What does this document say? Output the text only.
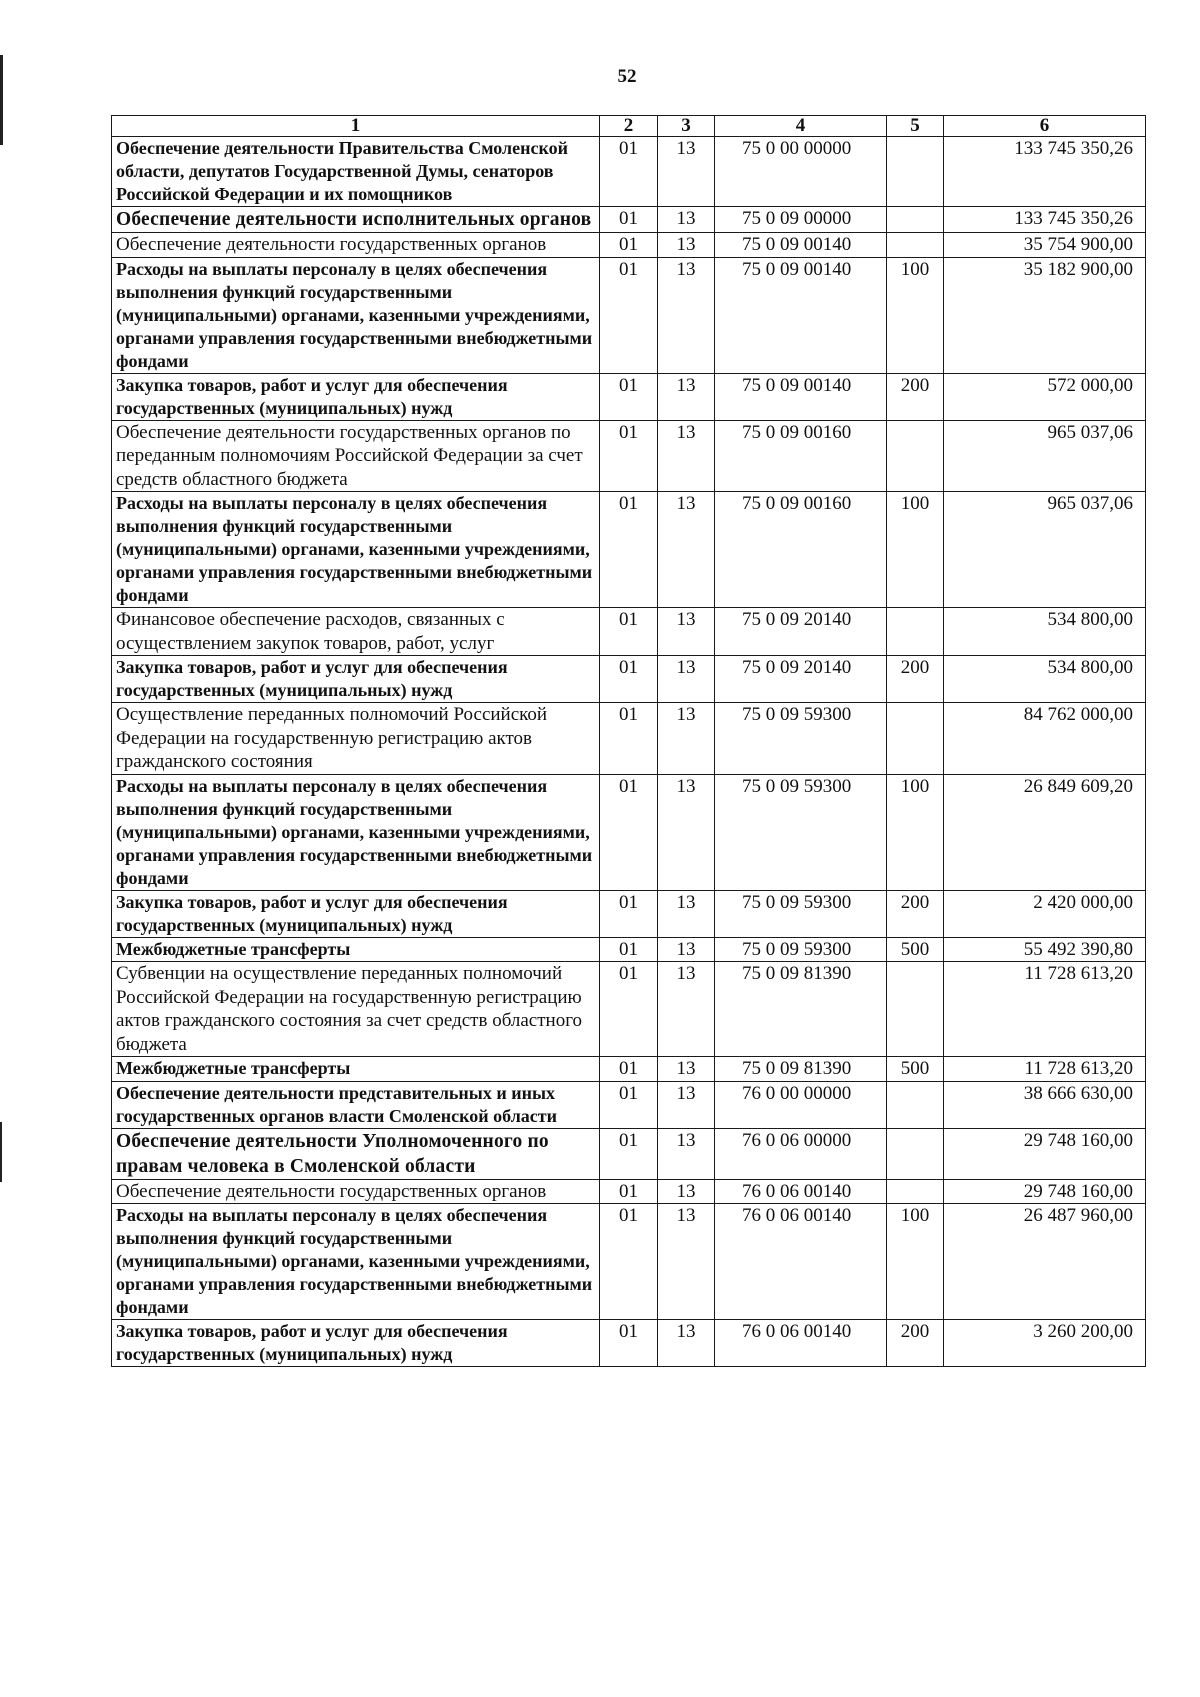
52
1	2	3	4	5	6
Обеспечение деятельности Правительства Смоленской области, депутатов Государственной Думы, сенаторов Российской Федерации и их помощников	01	13	75 0 00 00000		133 745 350,26
Обеспечение деятельности исполнительных органов	01	13	75 0 09 00000		133 745 350,26
Обеспечение деятельности государственных органов	01	13	75 0 09 00140		35 754 900,00
Расходы на выплаты персоналу в целях обеспечения выполнения функций государственными (муниципальными) органами, казенными учреждениями, органами управления государственными внебюджетными фондами	01	13	75 0 09 00140	100	35 182 900,00
Закупка товаров, работ и услуг для обеспечения государственных (муниципальных) нужд	01	13	75 0 09 00140	200	572 000,00
Обеспечение деятельности государственных органов по переданным полномочиям Российской Федерации за счет средств областного бюджета	01	13	75 0 09 00160		965 037,06
Расходы на выплаты персоналу в целях обеспечения выполнения функций государственными (муниципальными) органами, казенными учреждениями, органами управления государственными внебюджетными фондами	01	13	75 0 09 00160	100	965 037,06
Финансовое обеспечение расходов, связанных с осуществлением закупок товаров, работ, услуг	01	13	75 0 09 20140		534 800,00
Закупка товаров, работ и услуг для обеспечения государственных (муниципальных) нужд	01	13	75 0 09 20140	200	534 800,00
Осуществление переданных полномочий Российской Федерации на государственную регистрацию актов гражданского состояния	01	13	75 0 09 59300		84 762 000,00
Расходы на выплаты персоналу в целях обеспечения выполнения функций государственными (муниципальными) органами, казенными учреждениями, органами управления государственными внебюджетными фондами	01	13	75 0 09 59300	100	26 849 609,20
Закупка товаров, работ и услуг для обеспечения государственных (муниципальных) нужд	01	13	75 0 09 59300	200	2 420 000,00
Межбюджетные трансферты	01	13	75 0 09 59300	500	55 492 390,80
Субвенции на осуществление переданных полномочий Российской Федерации на государственную регистрацию актов гражданского состояния за счет средств областного бюджета	01	13	75 0 09 81390		11 728 613,20
Межбюджетные трансферты	01	13	75 0 09 81390	500	11 728 613,20
Обеспечение деятельности представительных и иных государственных органов власти Смоленской области	01	13	76 0 00 00000		38 666 630,00
Обеспечение деятельности Уполномоченного по правам человека в Смоленской области	01	13	76 0 06 00000		29 748 160,00
Обеспечение деятельности государственных органов	01	13	76 0 06 00140		29 748 160,00
Расходы на выплаты персоналу в целях обеспечения выполнения функций государственными (муниципальными) органами, казенными учреждениями, органами управления государственными внебюджетными фондами	01	13	76 0 06 00140	100	26 487 960,00
Закупка товаров, работ и услуг для обеспечения государственных (муниципальных) нужд	01	13	76 0 06 00140	200	3 260 200,00
